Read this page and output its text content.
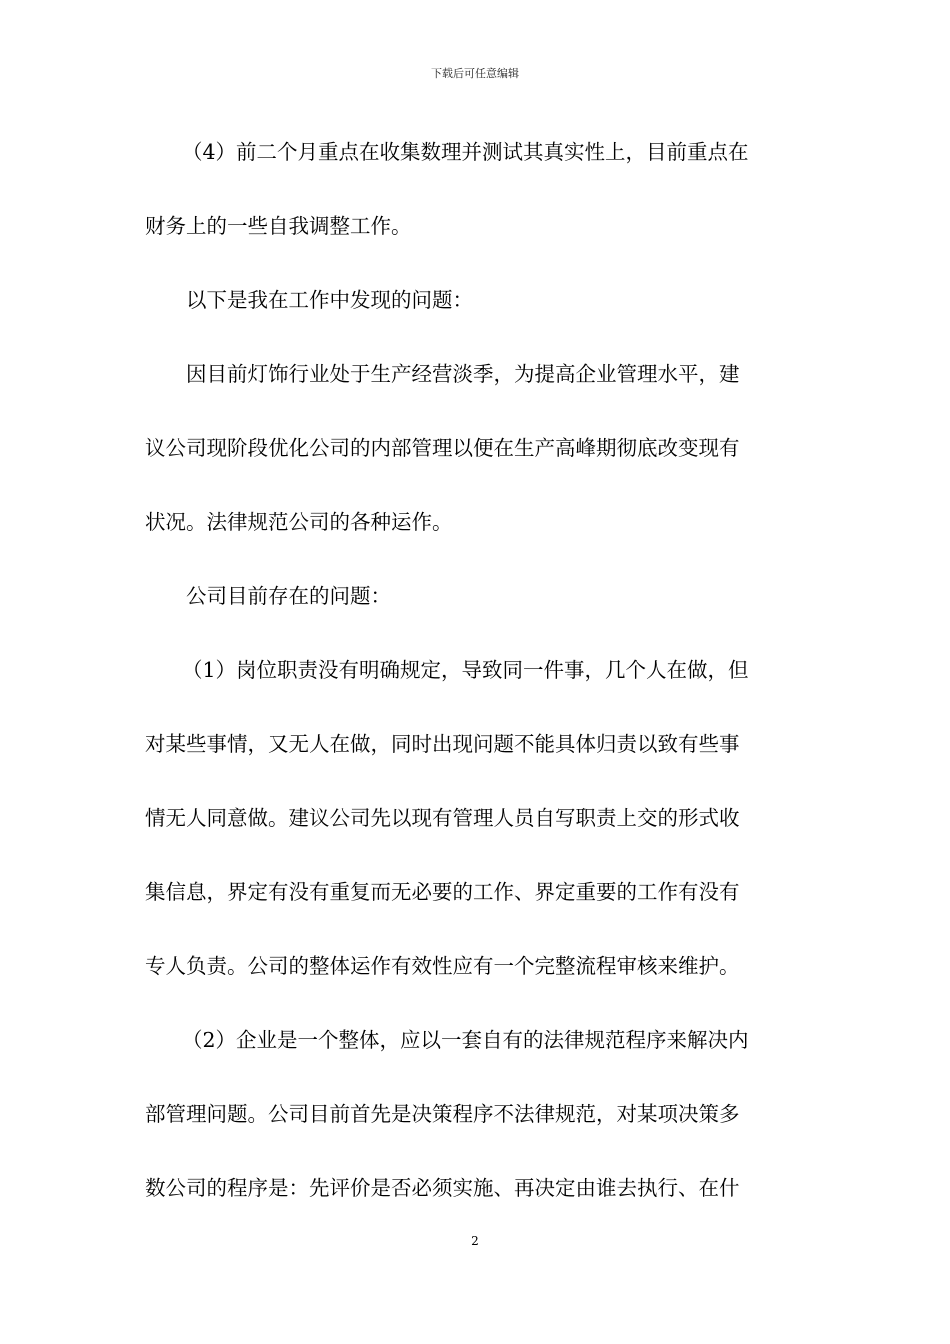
下载后可任意编辑
（4）前二个月重点在收集数理并测试其真实性上，目前重点在
财务上的一些自我调整工作。
以下是我在工作中发现的问题：
因目前灯饰行业处于生产经营淡季，为提高企业管理水平，建
议公司现阶段优化公司的内部管理以便在生产高峰期彻底改变现有
状况。法律规范公司的各种运作。
公司目前存在的问题：
（1）岗位职责没有明确规定，导致同一件事，几个人在做，但
对某些事情，又无人在做，同时出现问题不能具体归责以致有些事
情无人同意做。建议公司先以现有管理人员自写职责上交的形式收
集信息，界定有没有重复而无必要的工作、界定重要的工作有没有
专人负责。公司的整体运作有效性应有一个完整流程审核来维护。
（2）企业是一个整体，应以一套自有的法律规范程序来解决内
部管理问题。公司目前首先是决策程序不法律规范，对某项决策多
数公司的程序是：先评价是否必须实施、再决定由谁去执行、在什
2
